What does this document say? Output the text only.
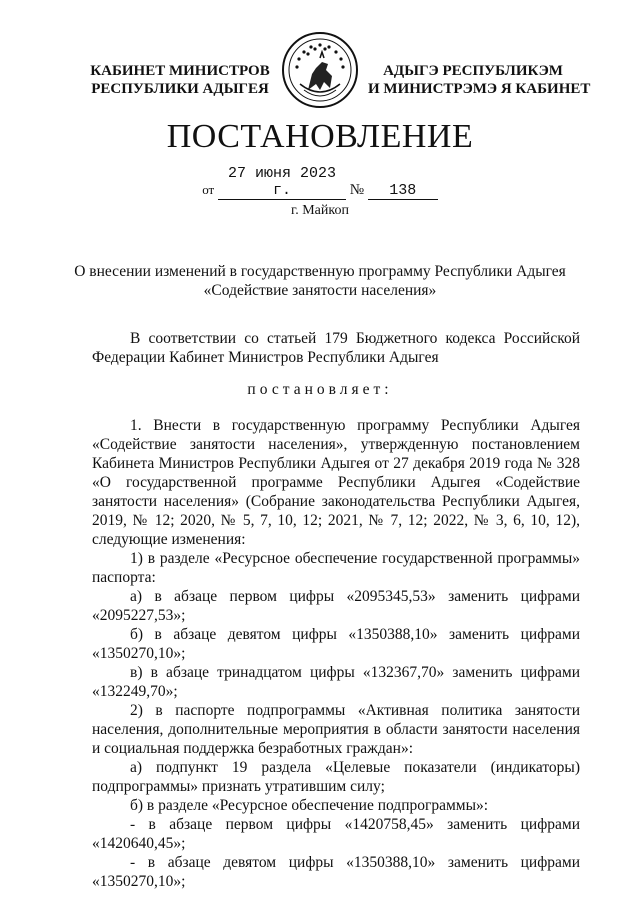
КАБИНЕТ МИНИСТРОВ
РЕСПУБЛИКИ АДЫГЕЯ
АДЫГЭ РЕСПУБЛИКЭМ
И МИНИСТРЭМЭ Я КАБИНЕТ
ПОСТАНОВЛЕНИЕ
от 27 июня 2023 г.	№ 138
г. Майкоп
О внесении изменений в государственную программу Республики Адыгея
«Содействие занятости населения»

В соответствии со статьей 179 Бюджетного кодекса Российской Федерации Кабинет Министров Республики Адыгея

постановляет:

1. Внести в государственную программу Республики Адыгея «Содействие занятости населения», утвержденную постановлением Кабинета Министров Республики Адыгея от 27 декабря 2019 года № 328 «О государственной программе Республики Адыгея «Содействие занятости населения» (Собрание законодательства Республики Адыгея, 2019, № 12; 2020, № 5, 7, 10, 12; 2021, № 7, 12; 2022, № 3, 6, 10, 12), следующие изменения:

1) в разделе «Ресурсное обеспечение государственной программы» паспорта:

а) в абзаце первом цифры «2095345,53» заменить цифрами «2095227,53»;

б) в абзаце девятом цифры «1350388,10» заменить цифрами «1350270,10»;

в) в абзаце тринадцатом цифры «132367,70» заменить цифрами «132249,70»;

2) в паспорте подпрограммы «Активная политика занятости населения, дополнительные мероприятия в области занятости населения и социальная поддержка безработных граждан»:

а) подпункт 19 раздела «Целевые показатели (индикаторы) подпрограммы» признать утратившим силу;

б) в разделе «Ресурсное обеспечение подпрограммы»:

- в абзаце первом цифры «1420758,45» заменить цифрами «1420640,45»;

- в абзаце девятом цифры «1350388,10» заменить цифрами «1350270,10»;
